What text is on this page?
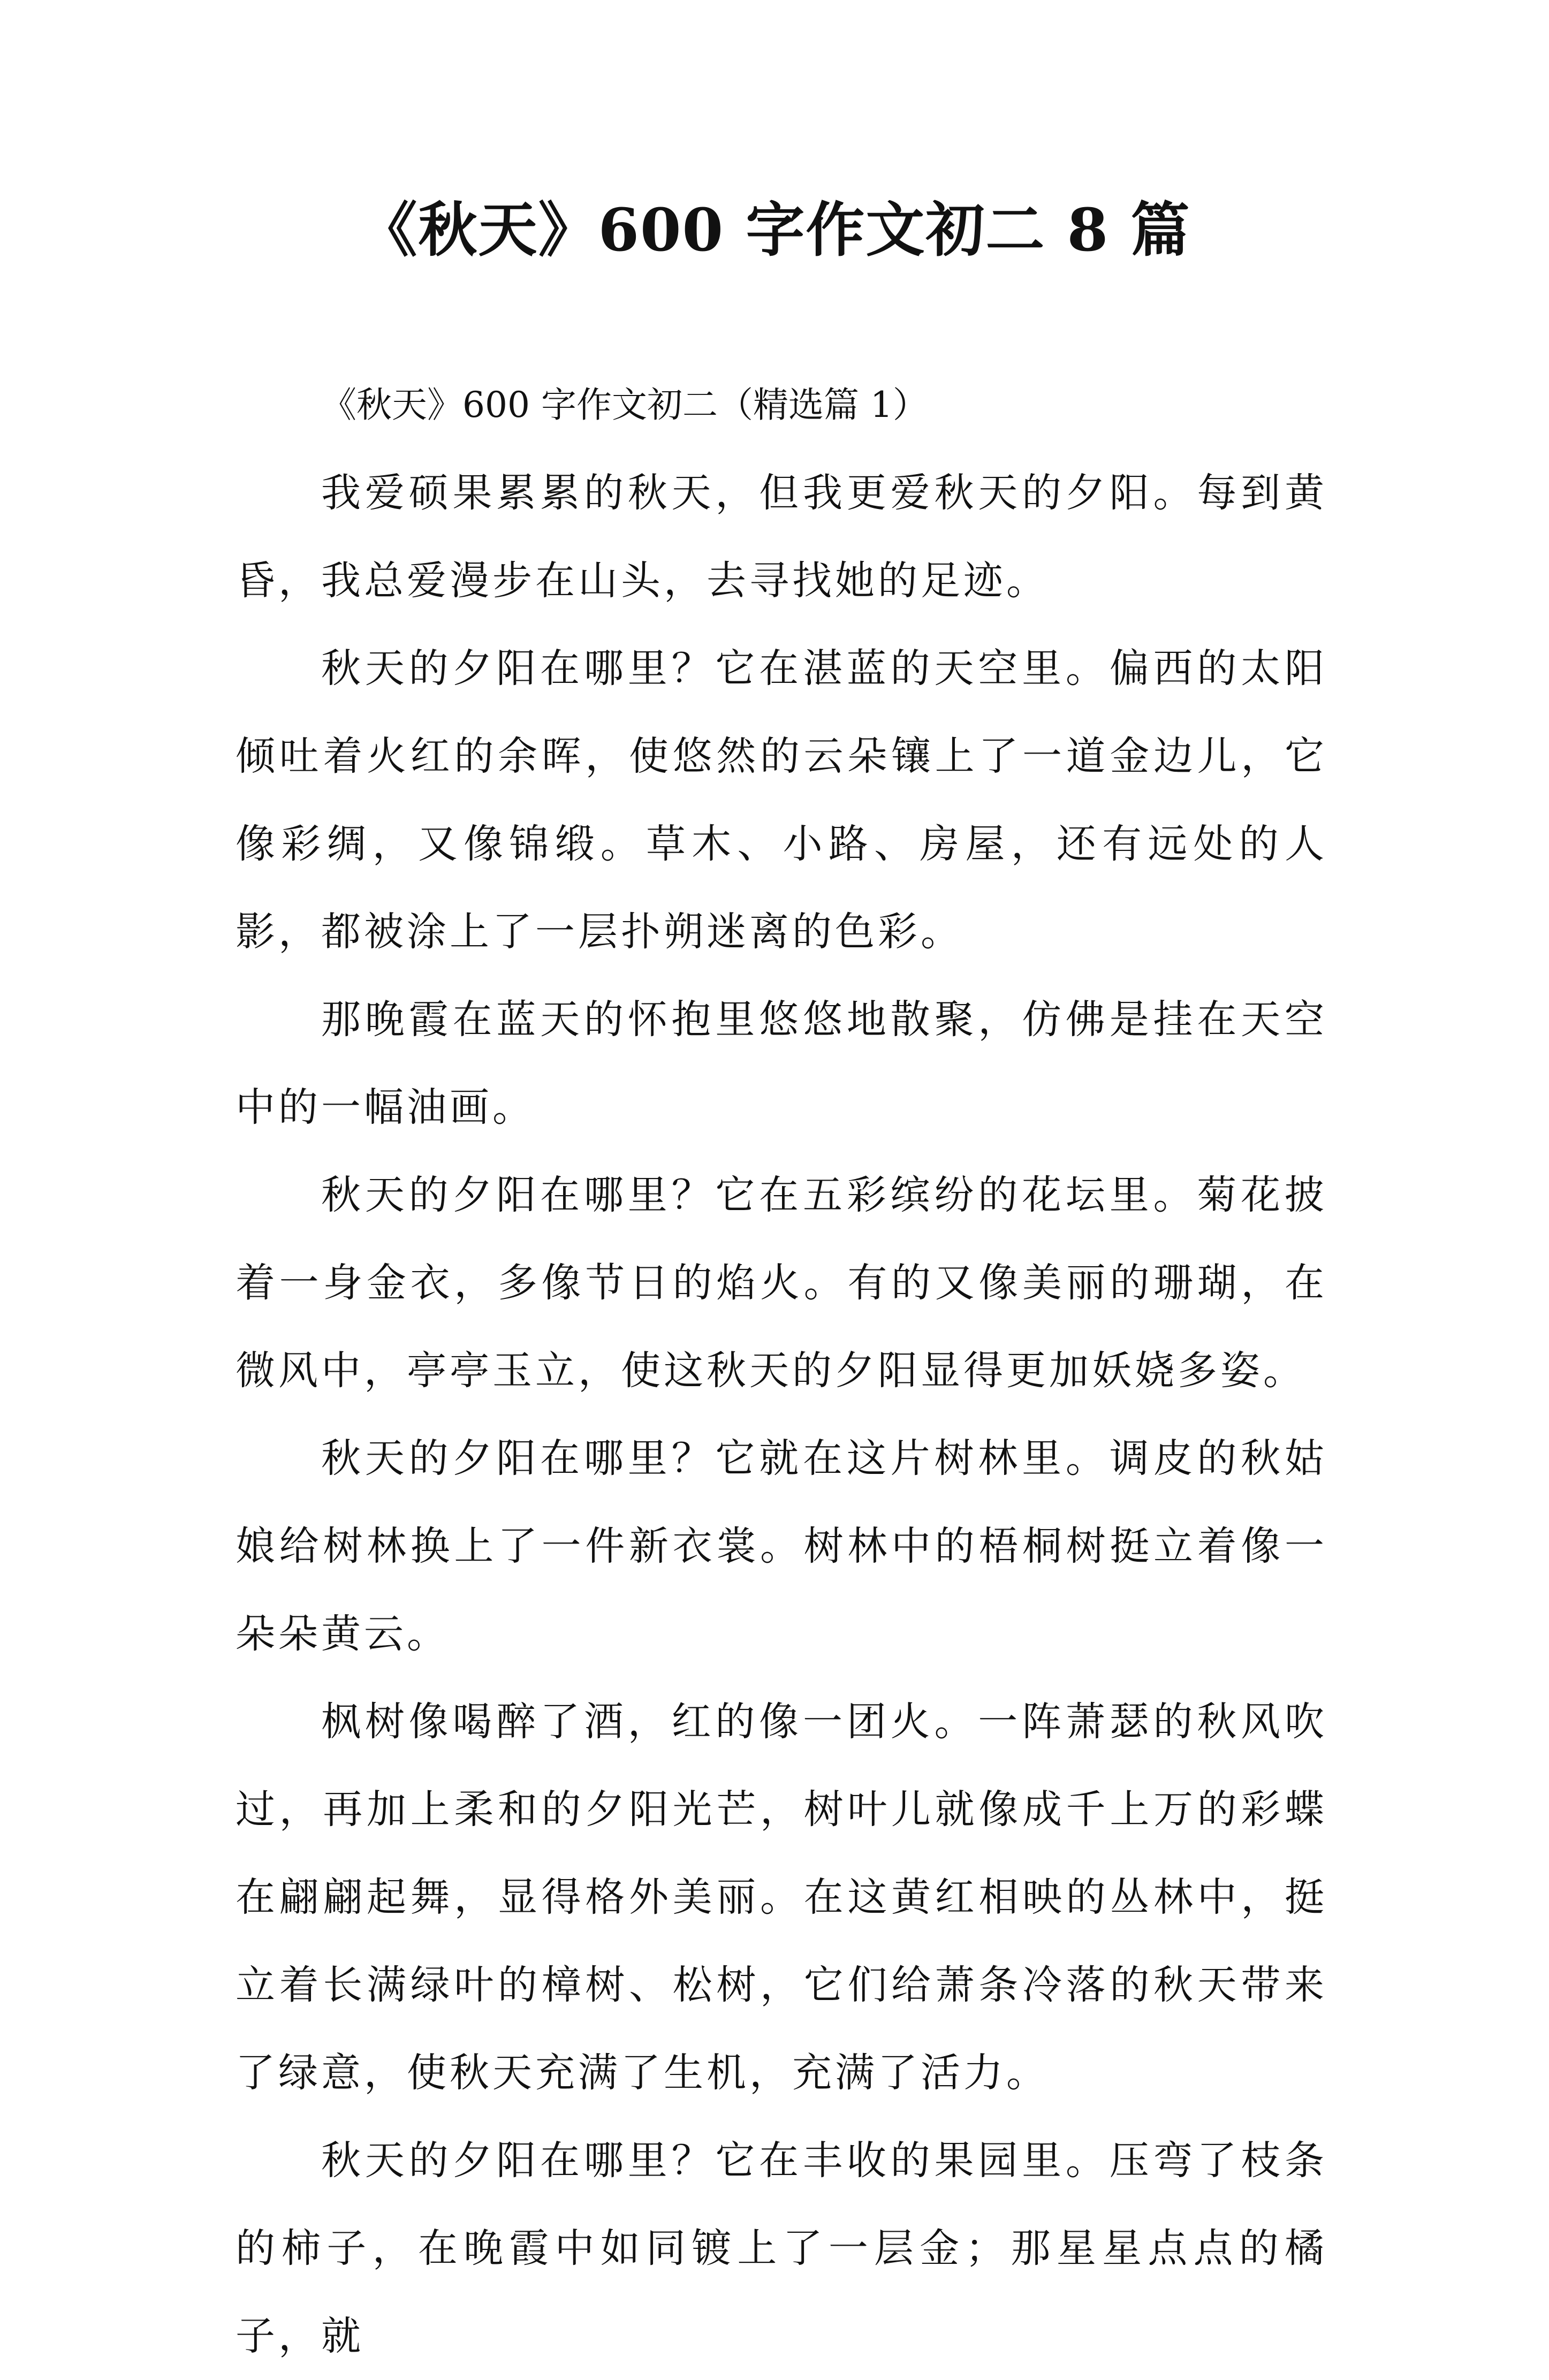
《秋天》600 字作文初二 8 篇

《秋天》600 字作文初二（精选篇 1）

我爱硕果累累的秋天，但我更爱秋天的夕阳。每到黄昏，我总爱漫步在山头，去寻找她的足迹。

秋天的夕阳在哪里？它在湛蓝的天空里。偏西的太阳倾吐着火红的余晖，使悠然的云朵镶上了一道金边儿，它像彩绸，又像锦缎。草木、小路、房屋，还有远处的人影，都被涂上了一层扑朔迷离的色彩。

那晚霞在蓝天的怀抱里悠悠地散聚，仿佛是挂在天空中的一幅油画。

秋天的夕阳在哪里？它在五彩缤纷的花坛里。菊花披着一身金衣，多像节日的焰火。有的又像美丽的珊瑚，在微风中，亭亭玉立，使这秋天的夕阳显得更加妖娆多姿。

秋天的夕阳在哪里？它就在这片树林里。调皮的秋姑娘给树林换上了一件新衣裳。树林中的梧桐树挺立着像一朵朵黄云。

枫树像喝醉了酒，红的像一团火。一阵萧瑟的秋风吹过，再加上柔和的夕阳光芒，树叶儿就像成千上万的彩蝶在翩翩起舞，显得格外美丽。在这黄红相映的丛林中，挺立着长满绿叶的樟树、松树，它们给萧条冷落的秋天带来了绿意，使秋天充满了生机，充满了活力。

秋天的夕阳在哪里？它在丰收的果园里。压弯了枝条的柿子，在晚霞中如同镀上了一层金；那星星点点的橘子，就
